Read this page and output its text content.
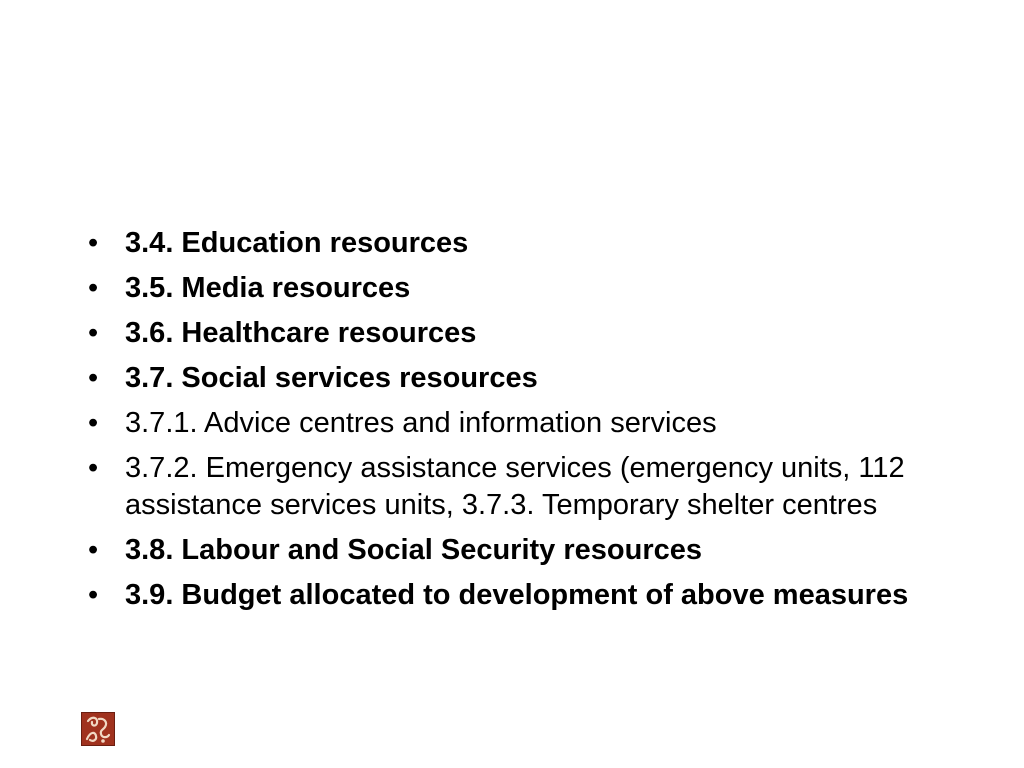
• 3.4. Education resources
• 3.5. Media resources
• 3.6. Healthcare resources
• 3.7. Social services resources
• 3.7.1. Advice centres and information services
• 3.7.2. Emergency assistance services (emergency units, 112 assistance services units, 3.7.3. Temporary shelter centres
• 3.8. Labour and Social Security resources
• 3.9. Budget allocated to development of above measures
